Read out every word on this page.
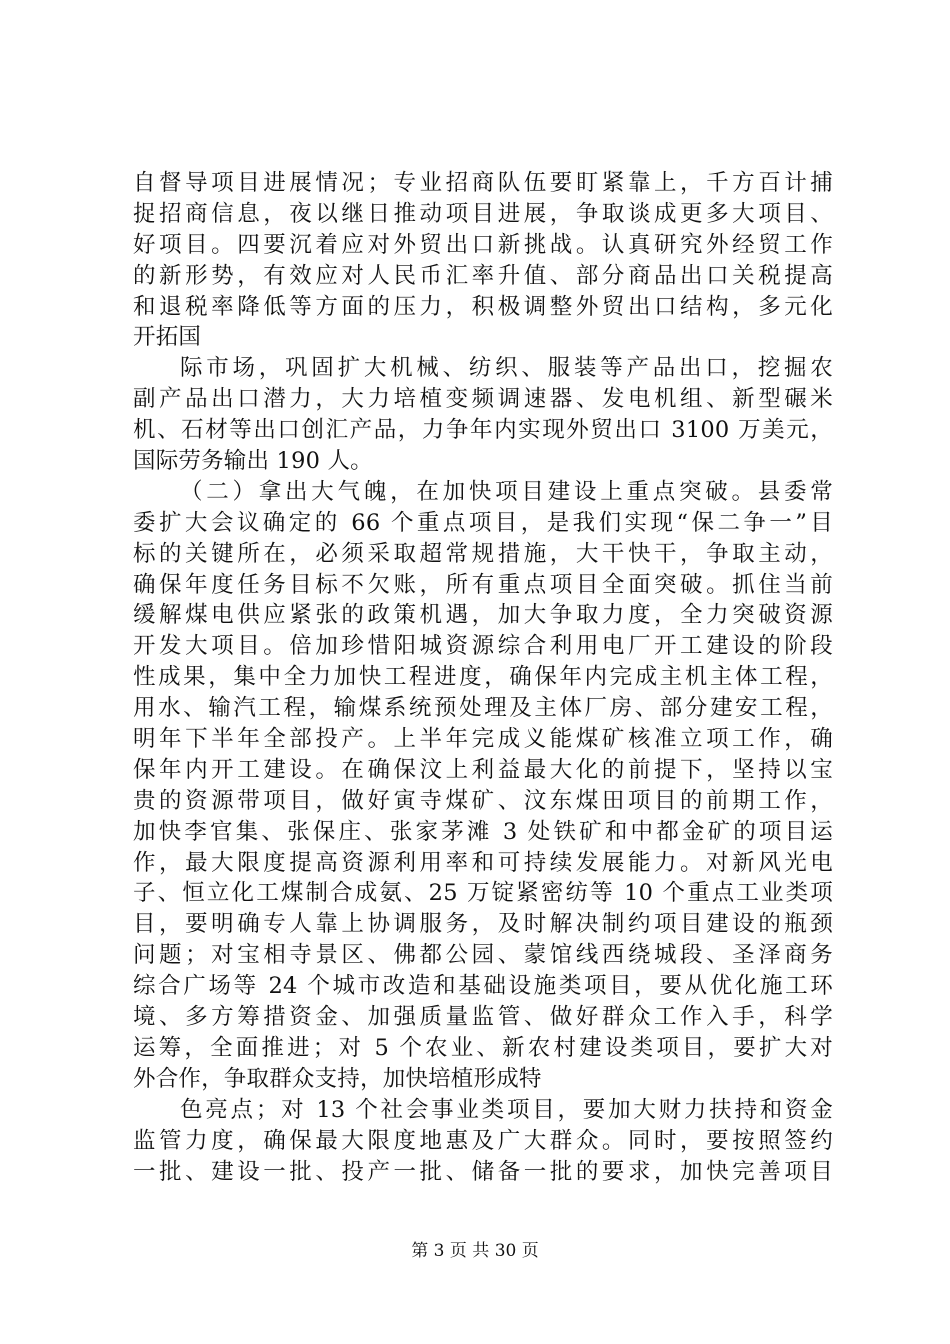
自督导项目进展情况；专业招商队伍要盯紧靠上，千方百计捕
捉招商信息，夜以继日推动项目进展，争取谈成更多大项目、
好项目。四要沉着应对外贸出口新挑战。认真研究外经贸工作
的新形势，有效应对人民币汇率升值、部分商品出口关税提高
和退税率降低等方面的压力，积极调整外贸出口结构，多元化
开拓国
际市场，巩固扩大机械、纺织、服装等产品出口，挖掘农
副产品出口潜力，大力培植变频调速器、发电机组、新型碾米
机、石材等出口创汇产品，力争年内实现外贸出口 3100 万美元，
国际劳务输出 190 人。
（二）拿出大气魄，在加快项目建设上重点突破。县委常
委扩大会议确定的 66 个重点项目，是我们实现“保二争一”目
标的关键所在，必须采取超常规措施，大干快干，争取主动，
确保年度任务目标不欠账，所有重点项目全面突破。抓住当前
缓解煤电供应紧张的政策机遇，加大争取力度，全力突破资源
开发大项目。倍加珍惜阳城资源综合利用电厂开工建设的阶段
性成果，集中全力加快工程进度，确保年内完成主机主体工程，
用水、输汽工程，输煤系统预处理及主体厂房、部分建安工程，
明年下半年全部投产。上半年完成义能煤矿核准立项工作，确
保年内开工建设。在确保汶上利益最大化的前提下，坚持以宝
贵的资源带项目，做好寅寺煤矿、汶东煤田项目的前期工作，
加快李官集、张保庄、张家茅滩 3 处铁矿和中都金矿的项目运
作，最大限度提高资源利用率和可持续发展能力。对新风光电
子、恒立化工煤制合成氨、25 万锭紧密纺等 10 个重点工业类项
目，要明确专人靠上协调服务，及时解决制约项目建设的瓶颈
问题；对宝相寺景区、佛都公园、蒙馆线西绕城段、圣泽商务
综合广场等 24 个城市改造和基础设施类项目，要从优化施工环
境、多方筹措资金、加强质量监管、做好群众工作入手，科学
运筹，全面推进；对 5 个农业、新农村建设类项目，要扩大对
外合作，争取群众支持，加快培植形成特
色亮点；对 13 个社会事业类项目，要加大财力扶持和资金
监管力度，确保最大限度地惠及广大群众。同时，要按照签约
一批、建设一批、投产一批、储备一批的要求，加快完善项目
第 3 页 共 30 页
